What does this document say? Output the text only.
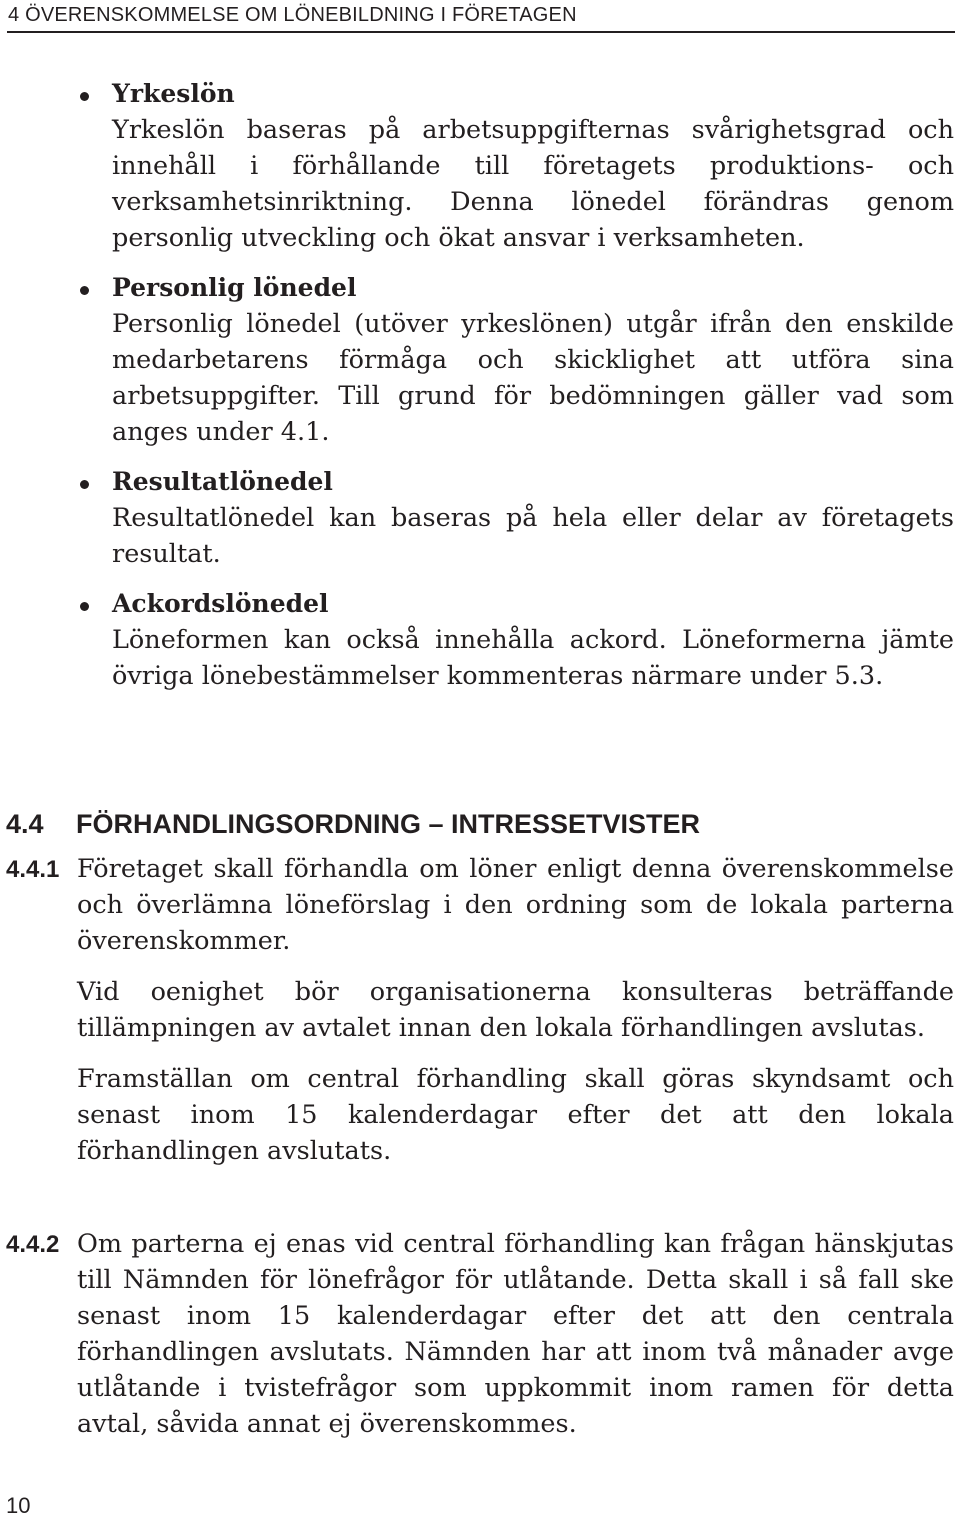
4 ÖVERENSKOMMELSE OM LÖNEBILDNING I FÖRETAGEN
Yrkeslön
Yrkeslön baseras på arbetsuppgifternas svårighetsgrad och innehåll i förhållande till företagets produktions- och verksamhetsinriktning. Denna lönedel förändras genom personlig utveckling och ökat ansvar i verksamheten.
Personlig lönedel
Personlig lönedel (utöver yrkeslönen) utgår ifrån den enskilde medarbetarens förmåga och skicklighet att utföra sina arbetsuppgifter. Till grund för bedömningen gäller vad som anges under 4.1.
Resultatlönedel
Resultatlönedel kan baseras på hela eller delar av företagets resultat.
Ackordslönedel
Löneformen kan också innehålla ackord. Löneformerna jämte övriga lönebestämmelser kommenteras närmare under 5.3.
4.4 FÖRHANDLINGSORDNING – INTRESSETVISTER
4.4.1 Företaget skall förhandla om löner enligt denna överenskommelse och överlämna löneförslag i den ordning som de lokala parterna överenskommer.

Vid oenighet bör organisationerna konsulteras beträffande tillämpningen av avtalet innan den lokala förhandlingen avslutas.

Framställan om central förhandling skall göras skyndsamt och senast inom 15 kalenderdagar efter det att den lokala förhandlingen avslutats.

4.4.2 Om parterna ej enas vid central förhandling kan frågan hänskjutas till Nämnden för lönefrågor för utlåtande. Detta skall i så fall ske senast inom 15 kalenderdagar efter det att den centrala förhandlingen avslutats. Nämnden har att inom två månader avge utlåtande i tvistefrågor som uppkommit inom ramen för detta avtal, såvida annat ej överenskommes.

10
